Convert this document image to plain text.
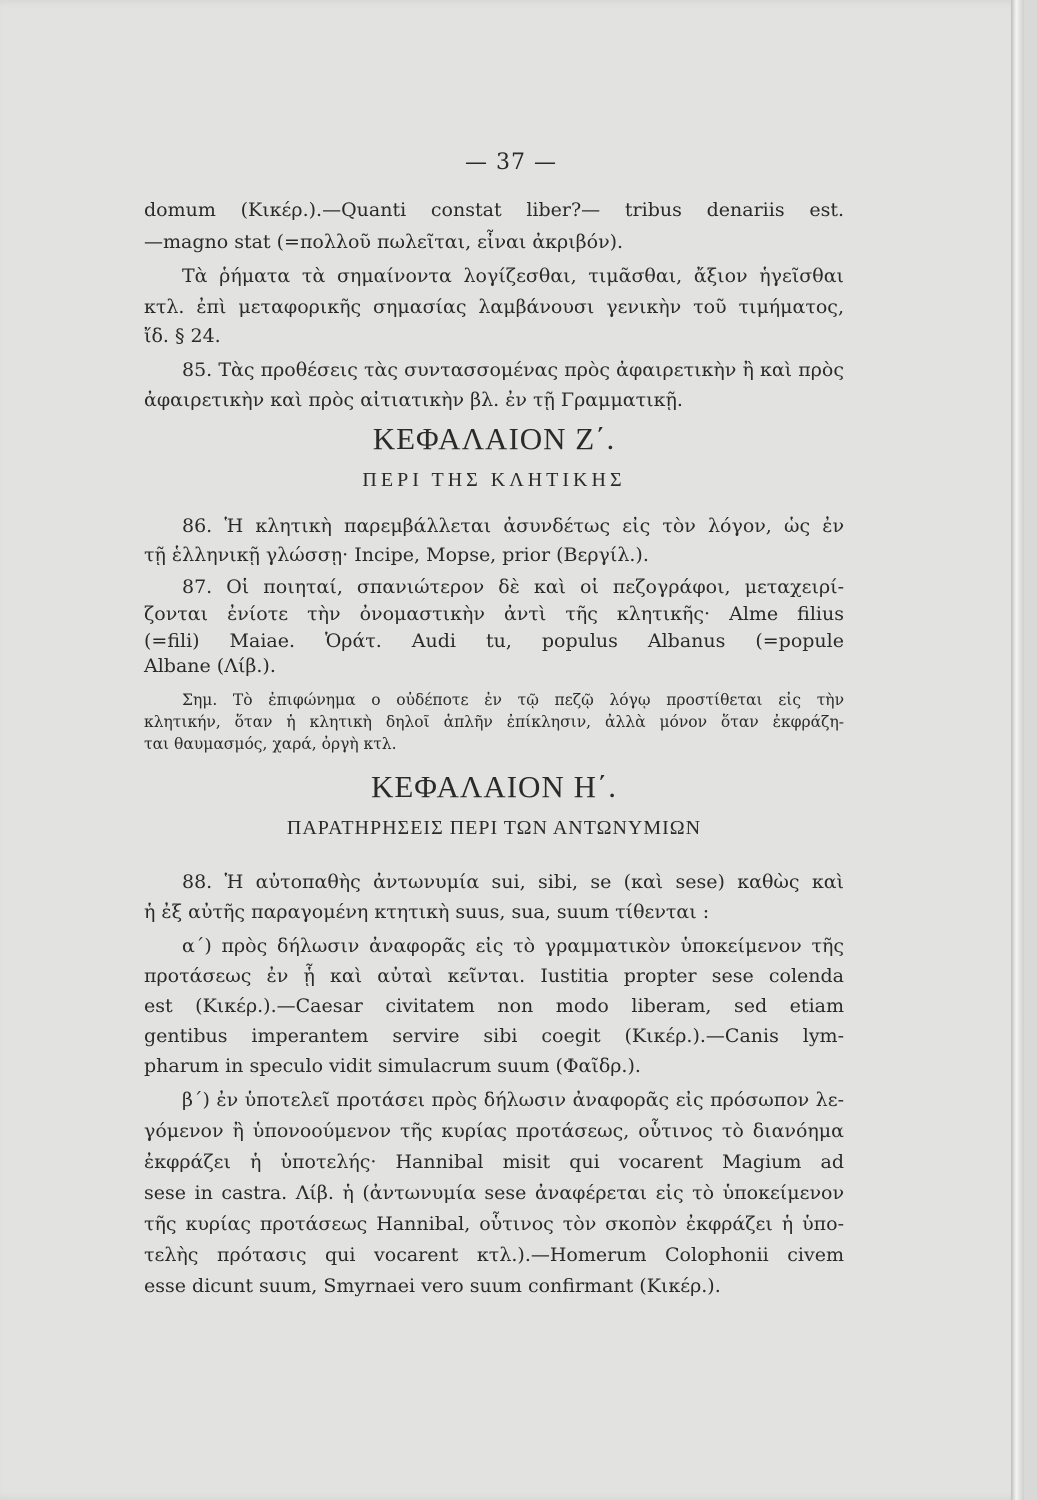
— 37 —
domum (Κικέρ.).—Quanti constat liber?— tribus denariis est.
—magno stat (=πολλοῦ πωλεῖται, εἶναι ἀκριβόν).
Τὰ ῥήματα τὰ σημαίνοντα λογίζεσθαι, τιμᾶσθαι, ἄξιον ἡγεῖσθαι
κτλ. ἐπὶ μεταφορικῆς σημασίας λαμβάνουσι γενικὴν τοῦ τιμήματος,
ἴδ. § 24.
85. Τὰς προθέσεις τὰς συντασσομένας πρὸς ἀφαιρετικὴν ἢ καὶ πρὸς
ἀφαιρετικὴν καὶ πρὸς αἰτιατικὴν βλ. ἐν τῇ Γραμματικῇ.
ΚΕΦΑΛΑΙΟΝ Ζ΄.
ΠΕΡΙ ΤΗΣ ΚΛΗΤΙΚΗΣ
86. Ἡ κλητικὴ παρεμβάλλεται ἀσυνδέτως εἰς τὸν λόγον, ὡς ἐν
τῇ ἑλληνικῇ γλώσσῃ· Incipe, Mopse, prior (Βεργίλ.).
87. Οἱ ποιηταί, σπανιώτερον δὲ καὶ οἱ πεζογράφοι, μεταχειρί-
ζονται ἐνίοτε τὴν ὀνομαστικὴν ἀντὶ τῆς κλητικῆς· Alme filius
(=fili) Maiae. Ὁράτ. Audi tu, populus Albanus (=popule
Albane (Λίβ.).
Σημ. Τὸ ἐπιφώνημα o οὐδέποτε ἐν τῷ πεζῷ λόγῳ προστίθεται εἰς τὴν
κλητικήν, ὅταν ἡ κλητικὴ δηλοῖ ἁπλῆν ἐπίκλησιν, ἀλλὰ μόνον ὅταν ἐκφράζη-
ται θαυμασμός, χαρά, ὀργὴ κτλ.
ΚΕΦΑΛΑΙΟΝ Η΄.
ΠΑΡΑΤΗΡΗΣΕΙΣ ΠΕΡΙ ΤΩΝ ΑΝΤΩΝΥΜΙΩΝ
88. Ἡ αὐτοπαθὴς ἀντωνυμία sui, sibi, se (καὶ sese) καθὼς καὶ
ἡ ἐξ αὐτῆς παραγομένη κτητικὴ suus, sua, suum τίθενται :
α΄) πρὸς δήλωσιν ἀναφορᾶς εἰς τὸ γραμματικὸν ὑποκείμενον τῆς
προτάσεως ἐν ᾗ καὶ αὐταὶ κεῖνται. Iustitia propter sese colenda
est (Κικέρ.).—Caesar civitatem non modo liberam, sed etiam
gentibus imperantem servire sibi coegit (Κικέρ.).—Canis lym-
pharum in speculo vidit simulacrum suum (Φαῖδρ.).
β΄) ἐν ὑποτελεῖ προτάσει πρὸς δήλωσιν ἀναφορᾶς εἰς πρόσωπον λε-
γόμενον ἢ ὑπονοούμενον τῆς κυρίας προτάσεως, οὗτινος τὸ διανόημα
ἐκφράζει ἡ ὑποτελής· Hannibal misit qui vocarent Magium ad
sese in castra. Λίβ. ἡ (ἀντωνυμία sese ἀναφέρεται εἰς τὸ ὑποκείμενον
τῆς κυρίας προτάσεως Hannibal, οὗτινος τὸν σκοπὸν ἐκφράζει ἡ ὑπο-
τελὴς πρότασις qui vocarent κτλ.).—Homerum Colophonii civem
esse dicunt suum, Smyrnaei vero suum confirmant (Κικέρ.).
